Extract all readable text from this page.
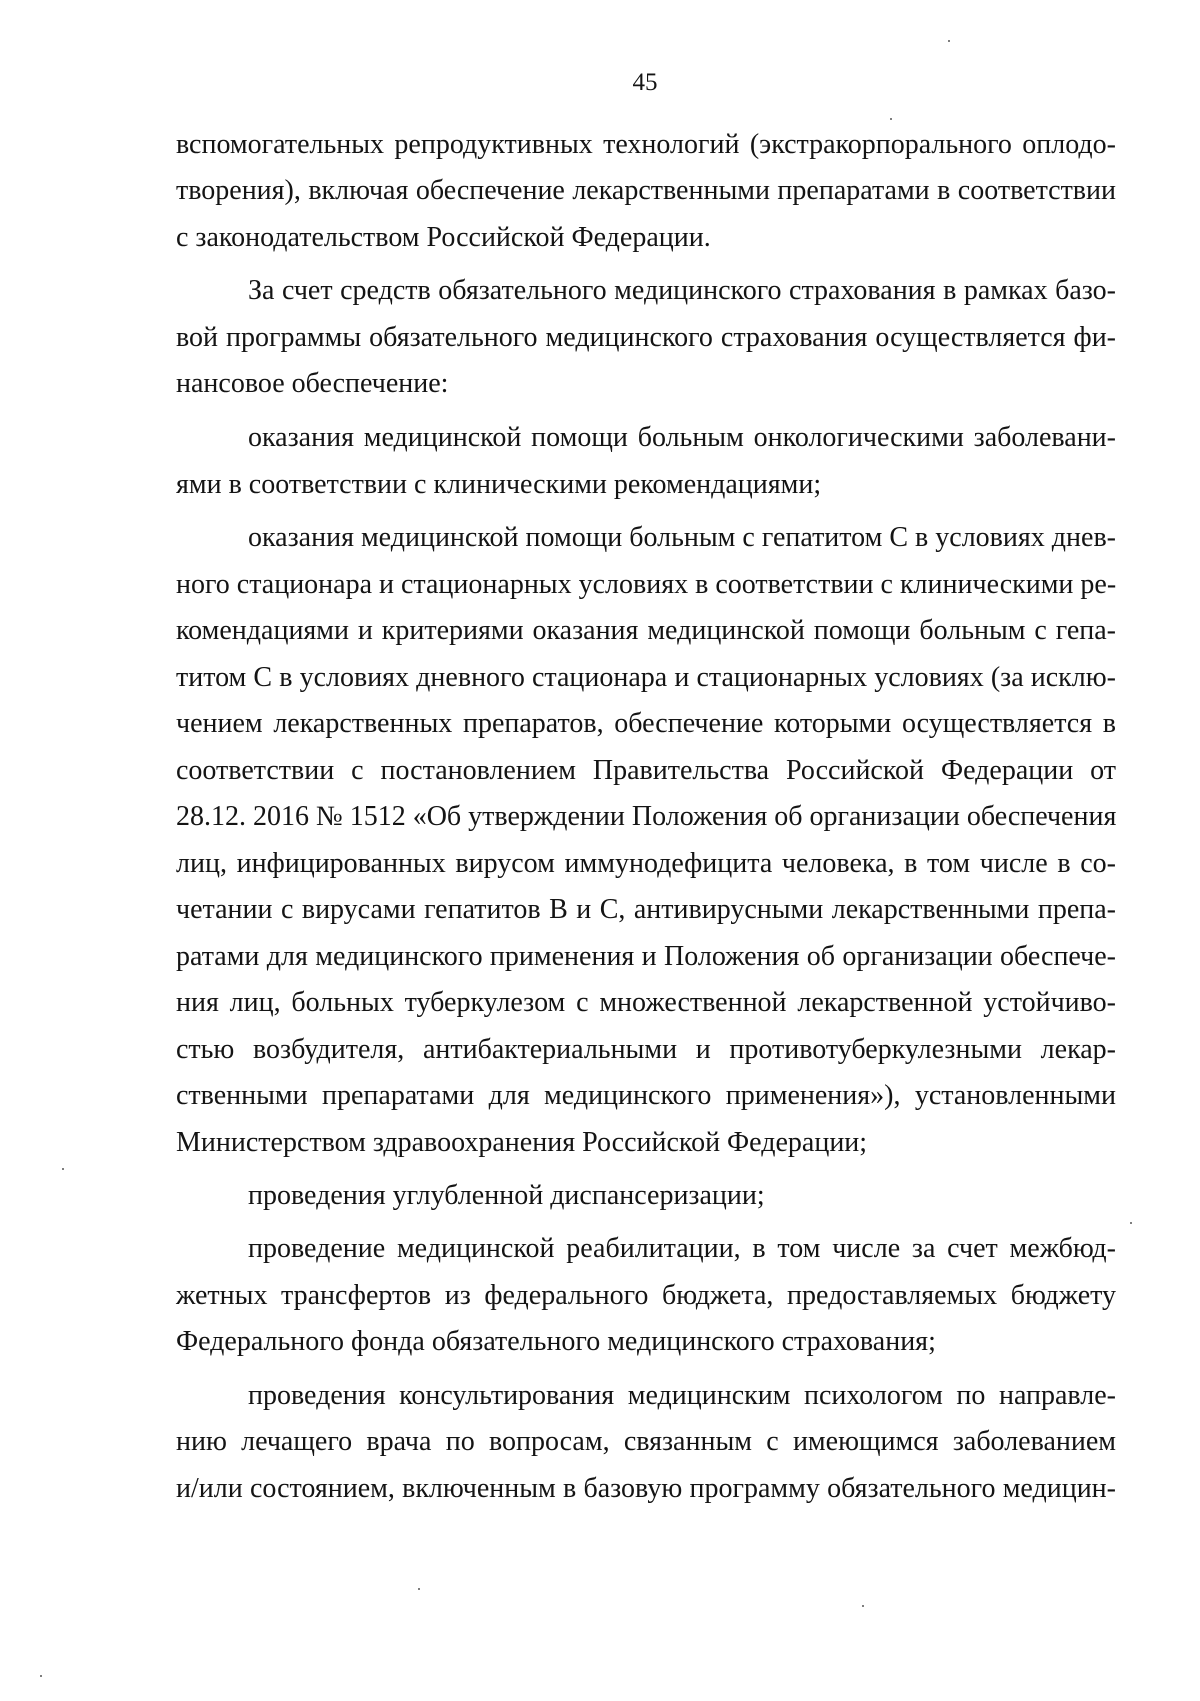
45
вспомогательных репродуктивных технологий (экстракорпорального оплодо-
творения), включая обеспечение лекарственными препаратами в соответствии
с законодательством Российской Федерации.
За счет средств обязательного медицинского страхования в рамках базо-
вой программы обязательного медицинского страхования осуществляется фи-
нансовое обеспечение:
оказания медицинской помощи больным онкологическими заболевани-
ями в соответствии с клиническими рекомендациями;
оказания медицинской помощи больным с гепатитом С в условиях днев-
ного стационара и стационарных условиях в соответствии с клиническими ре-
комендациями и критериями оказания медицинской помощи больным с гепа-
титом С в условиях дневного стационара и стационарных условиях (за исклю-
чением лекарственных препаратов, обеспечение которыми осуществляется в
соответствии с постановлением Правительства Российской Федерации от
28.12. 2016 № 1512 «Об утверждении Положения об организации обеспечения
лиц, инфицированных вирусом иммунодефицита человека, в том числе в со-
четании с вирусами гепатитов В и С, антивирусными лекарственными препа-
ратами для медицинского применения и Положения об организации обеспече-
ния лиц, больных туберкулезом с множественной лекарственной устойчиво-
стью возбудителя, антибактериальными и противотуберкулезными лекар-
ственными препаратами для медицинского применения»), установленными
Министерством здравоохранения Российской Федерации;
проведения углубленной диспансеризации;
проведение медицинской реабилитации, в том числе за счет межбюд-
жетных трансфертов из федерального бюджета, предоставляемых бюджету
Федерального фонда обязательного медицинского страхования;
проведения консультирования медицинским психологом по направле-
нию лечащего врача по вопросам, связанным с имеющимся заболеванием
и/или состоянием, включенным в базовую программу обязательного медицин-
